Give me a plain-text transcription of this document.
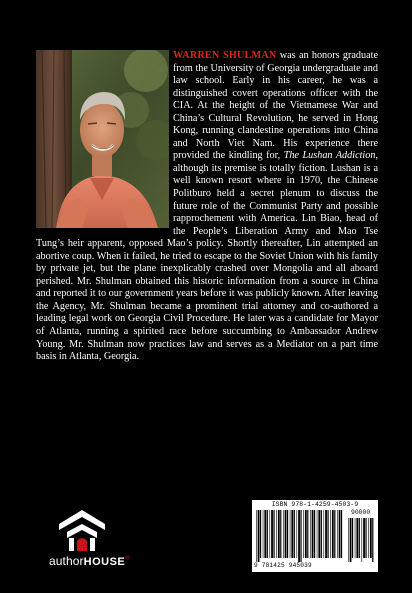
WARREN SHULMAN was an honors graduate from the University of Georgia undergraduate and law school. Early in his career, he was a distinguished covert operations officer with the CIA. At the height of the Vietnamese War and China’s Cultural Revolution, he served in Hong Kong, running clandestine operations into China and North Viet Nam. His experience there provided the kindling for, The Lushan Addiction, although its premise is totally fiction. Lushan is a well known resort where in 1970, the Chinese Politburo held a secret plenum to discuss the future role of the Communist Party and possible rapprochement with America. Lin Biao, head of the People’s Liberation Army and Mao Tse Tung’s heir apparent, opposed Mao’s policy. Shortly thereafter, Lin attempted an abortive coup. When it failed, he tried to escape to the Soviet Union with his family by private jet, but the plane inexplicably crashed over Mongolia and all aboard perished. Mr. Shulman obtained this historic information from a source in China and reported it to our government years before it was publicly known. After leaving the Agency, Mr. Shulman became a prominent trial attorney and co-authored a leading legal work on Georgia Civil Procedure. He later was a candidate for Mayor of Atlanta, running a spirited race before succumbing to Ambassador Andrew Young. Mr. Shulman now practices law and serves as a Mediator on a part time basis in Atlanta, Georgia.

authorHOUSE®
ISBN 978-1-4259-4503-9
90000
9 781425 945039
